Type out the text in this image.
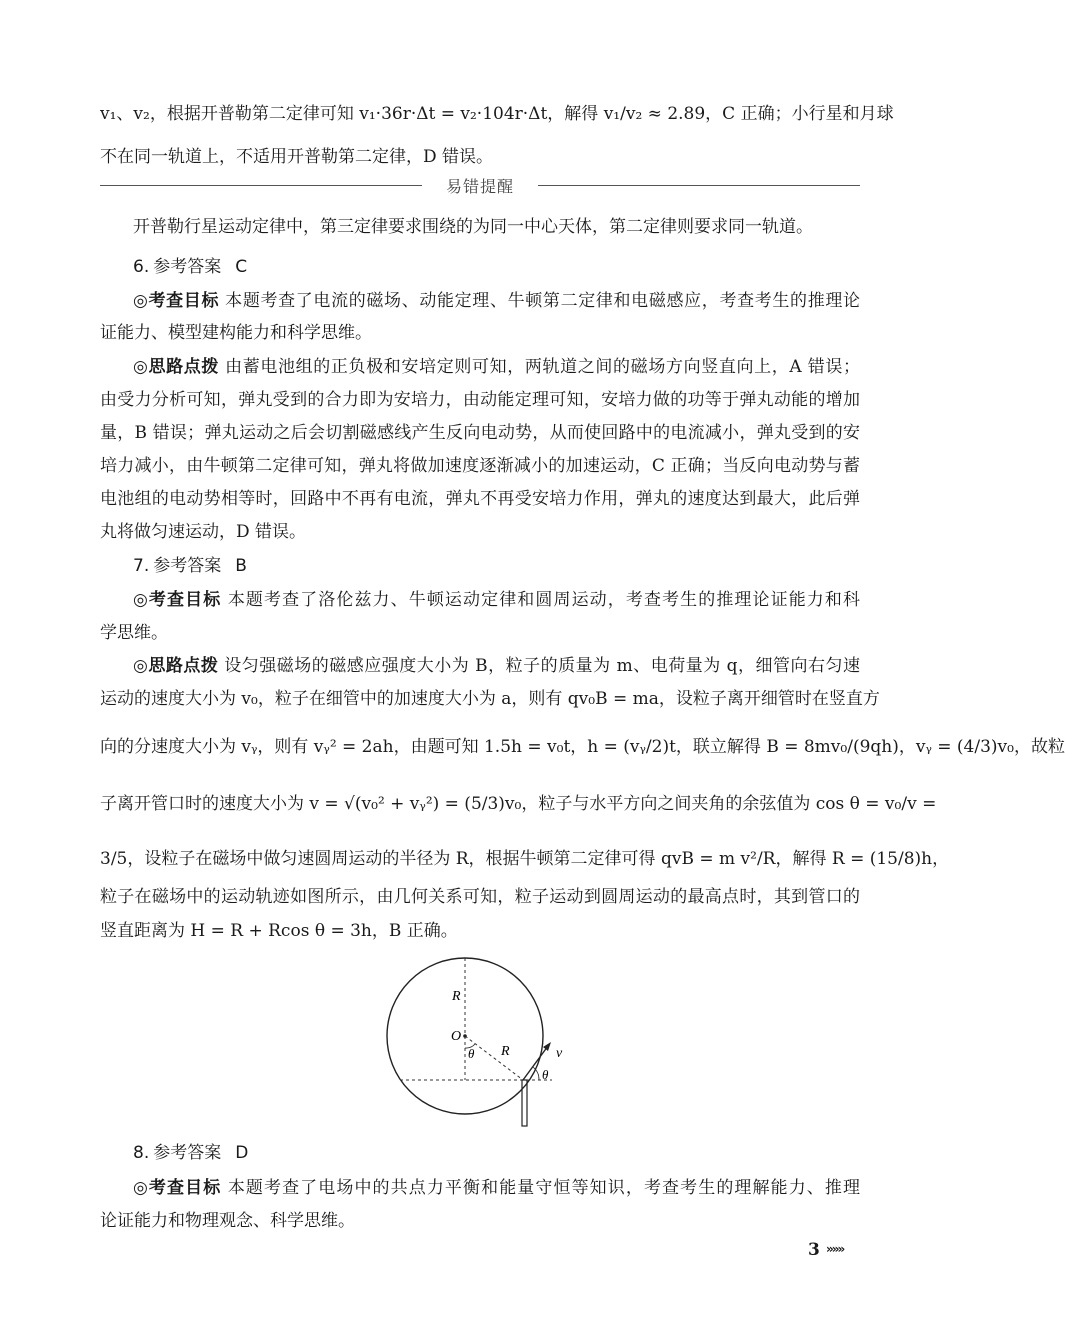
v₁、v₂，根据开普勒第二定律可知 v₁·36r·Δt = v₂·104r·Δt，解得 v₁/v₂ ≈ 2.89，C 正确；小行星和月球
不在同一轨道上，不适用开普勒第二定律，D 错误。
易错提醒
开普勒行星运动定律中，第三定律要求围绕的为同一中心天体，第二定律则要求同一轨道。
6. 参考答案 C
◎考查目标 本题考查了电流的磁场、动能定理、牛顿第二定律和电磁感应，考查考生的推理论
证能力、模型建构能力和科学思维。
◎思路点拨 由蓄电池组的正负极和安培定则可知，两轨道之间的磁场方向竖直向上，A 错误；
由受力分析可知，弹丸受到的合力即为安培力，由动能定理可知，安培力做的功等于弹丸动能的增加
量，B 错误；弹丸运动之后会切割磁感线产生反向电动势，从而使回路中的电流减小，弹丸受到的安
培力减小，由牛顿第二定律可知，弹丸将做加速度逐渐减小的加速运动，C 正确；当反向电动势与蓄
电池组的电动势相等时，回路中不再有电流，弹丸不再受安培力作用，弹丸的速度达到最大，此后弹
丸将做匀速运动，D 错误。
7. 参考答案 B
◎考查目标 本题考查了洛伦兹力、牛顿运动定律和圆周运动，考查考生的推理论证能力和科
学思维。
◎思路点拨 设匀强磁场的磁感应强度大小为 B，粒子的质量为 m、电荷量为 q，细管向右匀速
运动的速度大小为 v₀，粒子在细管中的加速度大小为 a，则有 qv₀B = ma，设粒子离开细管时在竖直方
向的分速度大小为 vᵧ，则有 vᵧ² = 2ah，由题可知 1.5h = v₀t，h = (vᵧ/2)t，联立解得 B = 8mv₀/(9qh)，vᵧ = (4/3)v₀，故粒
子离开管口时的速度大小为 v = √(v₀² + vᵧ²) = (5/3)v₀，粒子与水平方向之间夹角的余弦值为 cos θ = v₀/v =
3/5，设粒子在磁场中做匀速圆周运动的半径为 R，根据牛顿第二定律可得 qvB = m v²/R，解得 R = (15/8)h，
粒子在磁场中的运动轨迹如图所示，由几何关系可知，粒子运动到圆周运动的最高点时，其到管口的
竖直距离为 H = R + Rcos θ = 3h，B 正确。
R
O
θ R	v
θ
8. 参考答案 D
◎考查目标 本题考查了电场中的共点力平衡和能量守恒等知识，考查考生的理解能力、推理
论证能力和物理观念、科学思维。
3 »»»
